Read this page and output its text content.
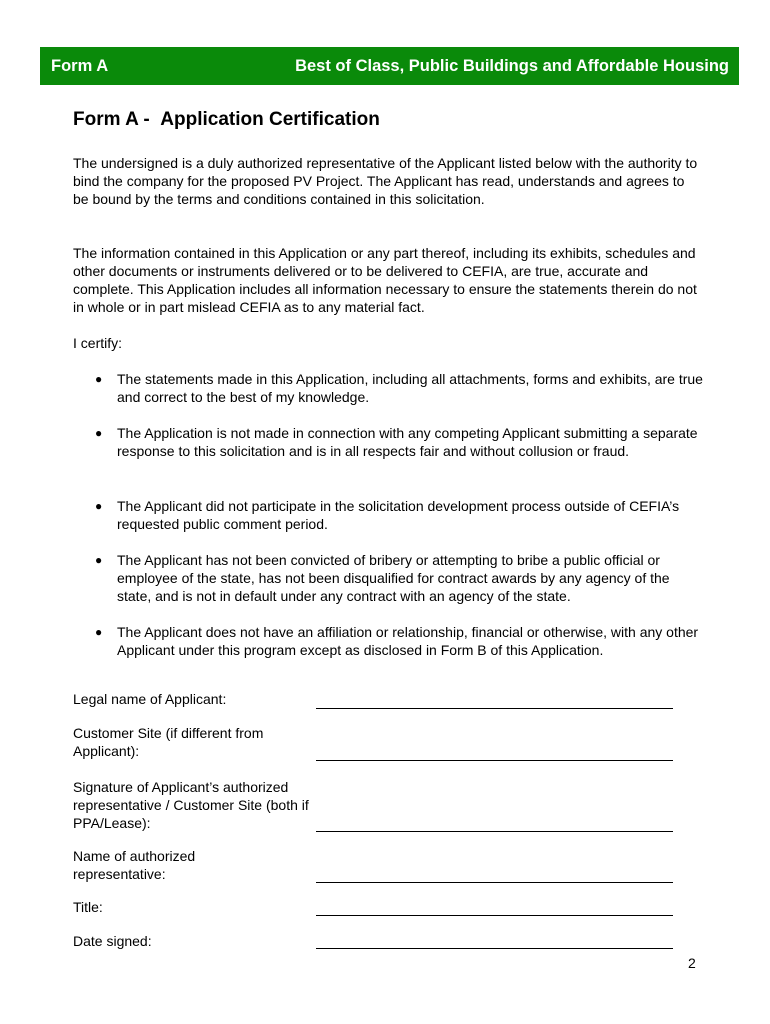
Form A	Best of Class, Public Buildings and Affordable Housing
Form A - Application Certification

The undersigned is a duly authorized representative of the Applicant listed below with the authority to bind the company for the proposed PV Project. The Applicant has read, understands and agrees to be bound by the terms and conditions contained in this solicitation.

The information contained in this Application or any part thereof, including its exhibits, schedules and other documents or instruments delivered or to be delivered to CEFIA, are true, accurate and complete. This Application includes all information necessary to ensure the statements therein do not in whole or in part mislead CEFIA as to any material fact.

I certify:

●	The statements made in this Application, including all attachments, forms and exhibits, are true and correct to the best of my knowledge.
●	The Application is not made in connection with any competing Applicant submitting a separate response to this solicitation and is in all respects fair and without collusion or fraud.
●	The Applicant did not participate in the solicitation development process outside of CEFIA’s requested public comment period.
●	The Applicant has not been convicted of bribery or attempting to bribe a public official or employee of the state, has not been disqualified for contract awards by any agency of the state, and is not in default under any contract with an agency of the state.
●	The Applicant does not have an affiliation or relationship, financial or otherwise, with any other Applicant under this program except as disclosed in Form B of this Application.
Legal name of Applicant:
Customer Site (if different from Applicant):
Signature of Applicant’s authorized representative / Customer Site (both if PPA/Lease):
Name of authorized representative:
Title:
Date signed:
2
